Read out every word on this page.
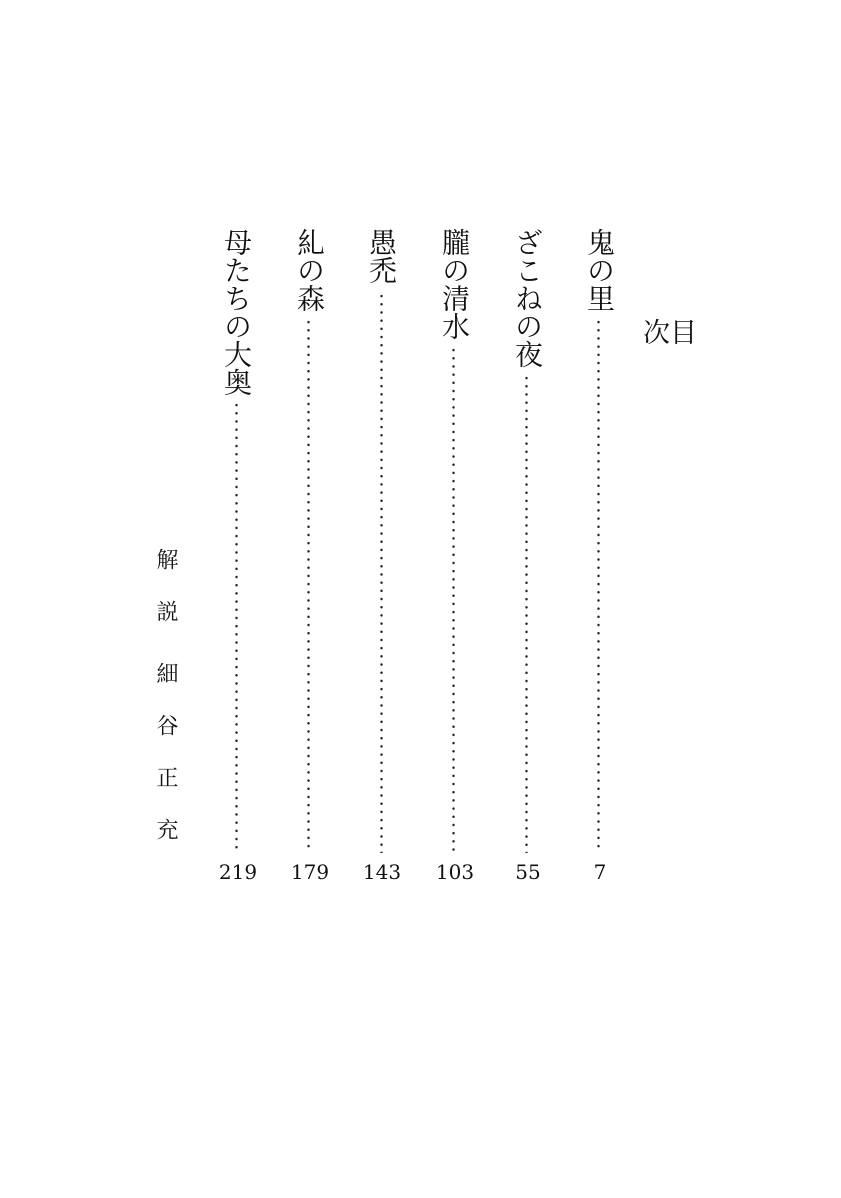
目次
鬼の里
7
ざこねの夜
55
朧の清水
103
愚禿
143
糺の森
179
母たちの大奥
219
解説細谷正充
